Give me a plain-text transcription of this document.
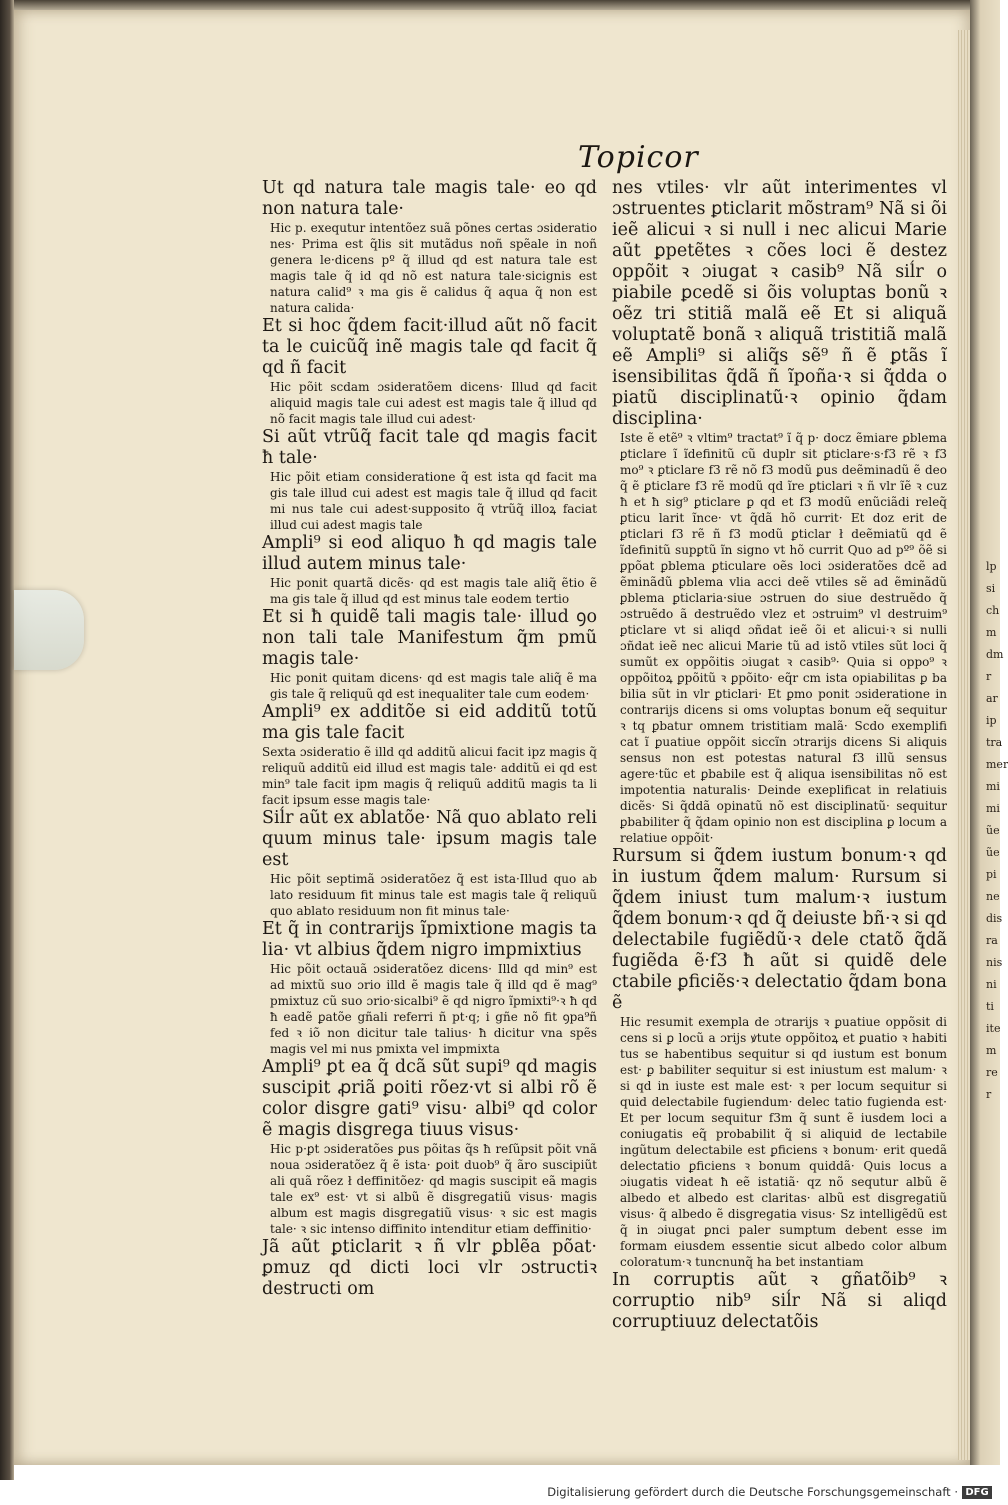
lp
si
ch
m
dm
r
ar
ip
tra
mer
mi
mi
ũe
ũe
pi
ne
dis
ra
nis
ni
ti
ite
m
re
r
Topicor

Ut qd natura tale magis tale· eo qd non natura tale·

Hic p. exequtur intentõez suã põnes certas ɔsideratio nes· Prima est q̃lis sit mutãdus noñ spẽale in noñ genera le·dicens pº q̃ illud qd est natura tale est magis tale q̃ id qd nõ est natura tale·sicignis est natura calid⁹ ꝛ ma gis ẽ calidus q̃ aqua q̃ non est natura calida·

Et si hoc q̃dem facit·illud aũt nõ facit ta le cuicũq̃ inẽ magis tale qd facit q̃ qd ñ facit

Hic põit scdam ɔsideratõem dicens· Illud qd facit aliquid magis tale cui adest est magis tale q̃ illud qd nõ facit magis tale illud cui adest·

Si aũt vtrũq̃ facit tale qd magis facit ħ tale·

Hic põit etiam consideratione q̃ est ista qd facit ma gis tale illud cui adest est magis tale q̃ illud qd facit mi nus tale cui adest·supposito q̃ vtrũq̃ illoꝝ faciat illud cui adest magis tale

Ampli⁹ si eod aliquo ħ qd magis tale illud autem minus tale·

Hic ponit quartã dicẽs· qd est magis tale aliq̃ ẽtio ẽ ma gis tale q̃ illud qd est minus tale eodem tertio

Et si ħ quidẽ tali magis tale· illud ꝯo non tali tale Manifestum q̃m pmũ magis tale·

Hic ponit quitam dicens· qd est magis tale aliq̃ ẽ ma gis tale q̃ reliquũ qd est inequaliter tale cum eodem·

Ampli⁹ ex additõe si eid additũ totũ ma gis tale facit

Sexta ɔsideratio ẽ illd qd additũ alicui facit ipz magis q̃ reliquũ additũ eid illud est magis tale· additũ ei qd est min⁹ tale facit ipm magis q̃ reliquũ additũ magis ta li facit ipsum esse magis tale·

Siĺr aũt ex ablatõe· Nã quo ablato reli quum minus tale· ipsum magis tale est

Hic põit septimã ɔsideratõez q̃ est ista·Illud quo ab lato residuum fit minus tale est magis tale q̃ reliquũ quo ablato residuum non fit minus tale·

Et q̃ in contrarijs ĩpmixtione magis ta lia· vt albius q̃dem nigro impmixtius

Hic põit octauã ɔsideratõez dicens· Illd qd min⁹ est ad mixtũ suo ɔrio illd ẽ magis tale q̃ illd qd ẽ mag⁹ pmixtuz cũ suo ɔrio·sicalbi⁹ ẽ qd nigro ĩpmixti⁹·ꝛ ħ qd ħ eadẽ ꝑatõe gñali referri ñ pt·q; i gñe nõ fit ꝯpa⁹ñ fed ꝛ iõ non dicitur tale talius· ħ dicitur vna spẽs magis vel mi nus pmixta vel impmixta

Ampli⁹ ꝑt ea q̃ dcã sũt supi⁹ qd magis suscipit ꝓriã ꝑoiti rõez·vt si albi rõ ẽ color disgre gati⁹ visu· albi⁹ qd color ẽ magis disgrega tiuus visus·

Hic p·ꝑt ɔsideratões ꝑus põitas q̃s ħ reſũpsit põit vnã noua ɔsideratõez q̃ ẽ ista· ꝑoit duob⁹ q̃ ãro suscipiũt ali quã rõez ł deffinitõez· qd magis suscipit eã magis tale ex⁹ est· vt si albũ ẽ disgregatiũ visus· magis album est magis disgregatiũ visus· ꝛ sic est magis tale· ꝛ sic intenso diffinito intenditur etiam deffinitio·

Jã aũt ꝑticlarit ꝛ ñ vlr ꝑblẽa põat· ꝑmuz qd dicti loci vlr ɔstructiꝛ destructi om

nes vtiles· vlr aũt interimentes vl ɔstruentes ꝑticlarit mõstram⁹ Nã si õi ieẽ alicui ꝛ si null i nec alicui Marie aũt ꝑpetẽtes ꝛ cões loci ẽ destez oppõit ꝛ ɔiugat ꝛ casib⁹ Nã siĺr o piabile ꝑcedẽ si õis voluptas bonũ ꝛ oẽz tri stitiã malã eẽ Et si aliquã voluptatẽ bonã ꝛ aliquã tristitiã malã eẽ Ampli⁹ si aliq̃s sẽ⁹ ñ ẽ ꝑtãs ĩ isensibilitas q̃dã ñ ĩpoña·ꝛ si q̃dda o piatũ disciplinatũ·ꝛ opinio q̃dam disciplina·

Iste ẽ etẽ⁹ ꝛ vltim⁹ tractat⁹ ĩ q̃ p· docz ẽmiare ꝑblema ꝑticlare ĩ ĩdefinitũ cũ duplr sit ꝑticlare·s·f3 rẽ ꝛ f3 mo⁹ ꝛ ꝑticlare f3 rẽ nõ f3 modũ ꝑus deẽminadũ ẽ deo q̃ ẽ ꝑticlare f3 rẽ modũ qd ĩre ꝑticlari ꝛ ñ vlr ĩẽ ꝛ cuz ħ et ħ sig⁹ ꝑticlare ꝑ qd et f3 modũ enũciãdi releq̃ ꝑticu larit ĩnce· vt q̃dã hõ currit· Et doz erit de ꝑticlari f3 rẽ ñ f3 modũ ꝑticlar ł deẽmiatũ qd ẽ ĩdefinitũ supꝑtũ ĩn signo vt hõ currit Quo ad pº⁹ õẽ si ꝑpõat ꝑblema ꝑticulare oẽs loci ɔsideratões dcẽ ad ẽminãdũ ꝑblema vlia acci deẽ vtiles sẽ ad ẽminãdũ ꝑblema ꝑticlaria·siue ɔstruen do siue destruẽdo q̃ ɔstruẽdo ã destruẽdo vlez et ɔstruim⁹ vl destruim⁹ ꝑticlare vt si aliqd ɔñdat ieẽ õi et alicui·ꝛ si nulli ɔñdat ieẽ nec alicui Marie tũ ad istõ vtiles sũt loci q̃ sumũt ex oppõitis ɔiugat ꝛ casib⁹· Quia si oppo⁹ ꝛ oppõitoꝝ ꝑpõitũ ꝛ ꝑpõito· eq̃r cm ista opiabilitas ꝑ ba bilia sũt in vlr ꝑticlari· Et ꝑmo ponit ɔsideratione in contrarijs dicens si oms voluptas bonum eq̃ sequitur ꝛ tq ꝑbatur omnem tristitiam malã· Scdo exemplifi cat ĩ ꝑuatiue oppõit siccĩn ɔtrarijs dicens Si aliquis sensus non est potestas natural f3 illũ sensus agere·tũc et ꝑbabile est q̃ aliqua isensibilitas nõ est impotentia naturalis· Deinde exeplificat in relatiuis dicẽs· Si q̃ddã opinatũ nõ est disciplinatũ· sequitur ꝑbabiliter q̃ q̃dam opinio non est disciplina ꝑ locum a relatiue oppõit·

Rursum si q̃dem iustum bonum·ꝛ qd in iustum q̃dem malum· Rursum si q̃dem iniust tum malum·ꝛ iustum q̃dem bonum·ꝛ qd q̃ deiuste bñ·ꝛ si qd delectabile fugiẽdũ·ꝛ dele ctatõ q̃dã fugiẽda ẽ·f3 ħ aũt si quidẽ dele ctabile ꝑficiẽs·ꝛ delectatio q̃dam bona ẽ

Hic resumit exempla de ɔtrarijs ꝛ ꝑuatiue oppõsit di cens si ꝑ locũ a ɔrijs ꝟtute oppõitoꝝ et ꝑuatio ꝛ habiti tus se habentibus sequitur si qd iustum est bonum est· ꝑ babiliter sequitur si est iniustum est malum· ꝛ si qd in iuste est male est· ꝛ per locum sequitur si quid delectabile fugiendum· delec tatio fugienda est· Et per locum sequitur f3m q̃ sunt ẽ iusdem loci a coniugatis eq̃ probabilit q̃ si aliquid de lectabile ingũtum delectabile est ꝑficiens ꝛ bonum· erit quedã delectatio ꝑficiens ꝛ bonum quiddã· Quis locus a ɔiugatis videat ħ eẽ istatiã· qz nõ sequtur albũ ẽ albedo et albedo est claritas· albũ est disgregatiũ visus· q̃ albedo ẽ disgregatia visus· Sz intelligẽdũ est q̃ in ɔiugat ꝑnci paler sumptum debent esse im formam eiusdem essentie sicut albedo color album coloratum·ꝛ tuncnunq̃ ha bet instantiam

In corruptis aũt ꝛ gñatõib⁹ ꝛ corruptio nib⁹ siĺr Nã si aliqd corruptiuuz delectatõis

Digitalisierung gefördert durch die Deutsche Forschungsgemeinschaft · DFG
